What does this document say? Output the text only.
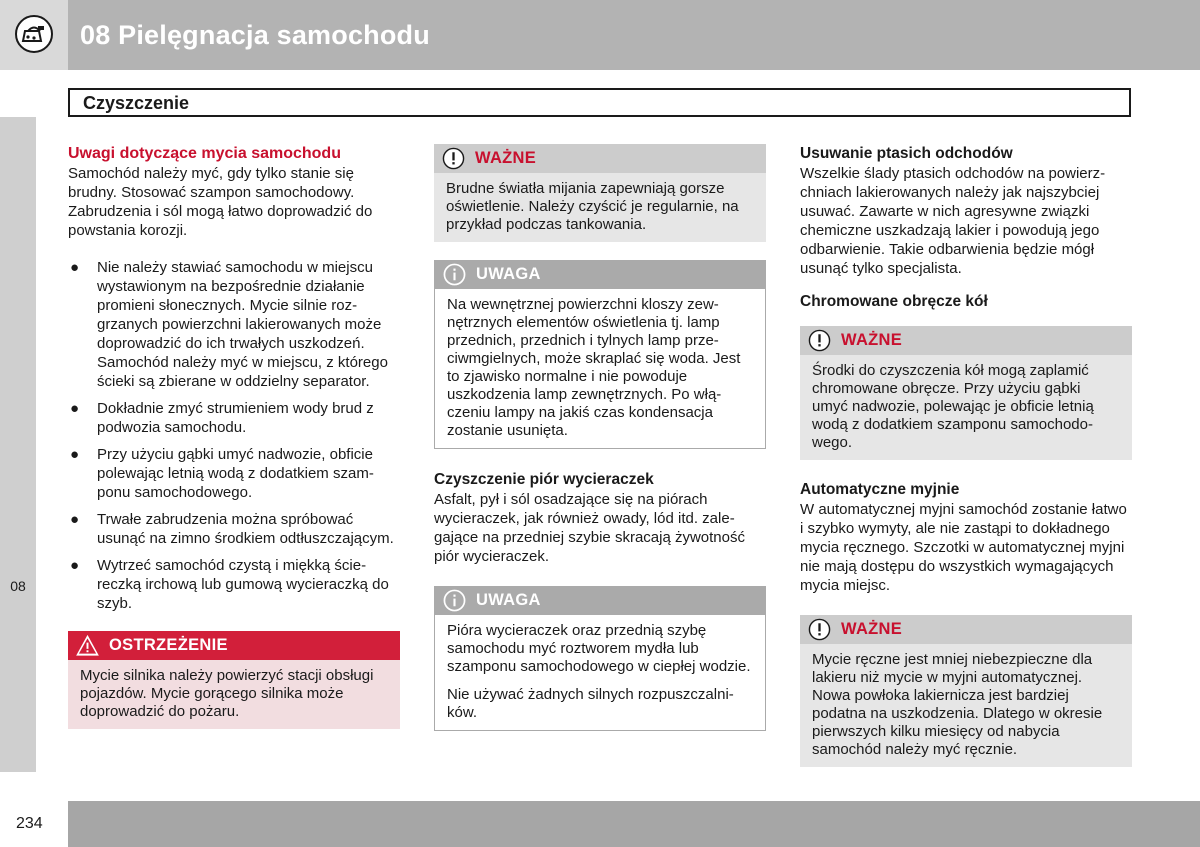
08 Pielęgnacja samochodu
Czyszczenie
08
234
Uwagi dotyczące mycia samochodu

Samochód należy myć, gdy tylko stanie się brudny. Stosować szampon samochodowy. Zabrudzenia i sól mogą łatwo doprowadzić do powstania korozji.

● Nie należy stawiać samochodu w miejscu wystawionym na bezpośrednie działanie promieni słonecznych. Mycie silnie rozgrzanych powierzchni lakierowanych może doprowadzić do ich trwałych uszkodzeń. Samochód należy myć w miejscu, z którego ścieki są zbierane w oddzielny separator.
● Dokładnie zmyć strumieniem wody brud z podwozia samochodu.
● Przy użyciu gąbki umyć nadwozie, obficie polewając letnią wodą z dodatkiem szamponu samochodowego.
● Trwałe zabrudzenia można spróbować usunąć na zimno środkiem odtłuszczającym.
● Wytrzeć samochód czystą i miękką ściereczką irchową lub gumową wycieraczką do szyb.
OSTRZEŻENIE
Mycie silnika należy powierzyć stacji obsługi pojazdów. Mycie gorącego silnika może doprowadzić do pożaru.
WAŻNE
Brudne światła mijania zapewniają gorsze oświetlenie. Należy czyścić je regularnie, na przykład podczas tankowania.
UWAGA
Na wewnętrznej powierzchni kloszy zewnętrznych elementów oświetlenia tj. lamp przednich, przednich i tylnych lamp przeciwmgielnych, może skraplać się woda. Jest to zjawisko normalne i nie powoduje uszkodzenia lamp zewnętrznych. Po włączeniu lampy na jakiś czas kondensacja zostanie usunięta.
Czyszczenie piór wycieraczek

Asfalt, pył i sól osadzające się na piórach wycieraczek, jak również owady, lód itd. zalegające na przedniej szybie skracają żywotność piór wycieraczek.

UWAGA

Pióra wycieraczek oraz przednią szybę samochodu myć roztworem mydła lub szamponu samochodowego w ciepłej wodzie.

Nie używać żadnych silnych rozpuszczalników.

Usuwanie ptasich odchodów

Wszelkie ślady ptasich odchodów na powierzchniach lakierowanych należy jak najszybciej usuwać. Zawarte w nich agresywne związki chemiczne uszkadzają lakier i powodują jego odbarwienie. Takie odbarwienia będzie mógł usunąć tylko specjalista.

Chromowane obręcze kół
WAŻNE
Środki do czyszczenia kół mogą zaplamić chromowane obręcze. Przy użyciu gąbki umyć nadwozie, polewając je obficie letnią wodą z dodatkiem szamponu samochodowego.
Automatyczne myjnie

W automatycznej myjni samochód zostanie łatwo i szybko wymyty, ale nie zastąpi to dokładnego mycia ręcznego. Szczotki w automatycznej myjni nie mają dostępu do wszystkich wymagających mycia miejsc.

WAŻNE
Mycie ręczne jest mniej niebezpieczne dla lakieru niż mycie w myjni automatycznej. Nowa powłoka lakiernicza jest bardziej podatna na uszkodzenia. Dlatego w okresie pierwszych kilku miesięcy od nabycia samochód należy myć ręcznie.
